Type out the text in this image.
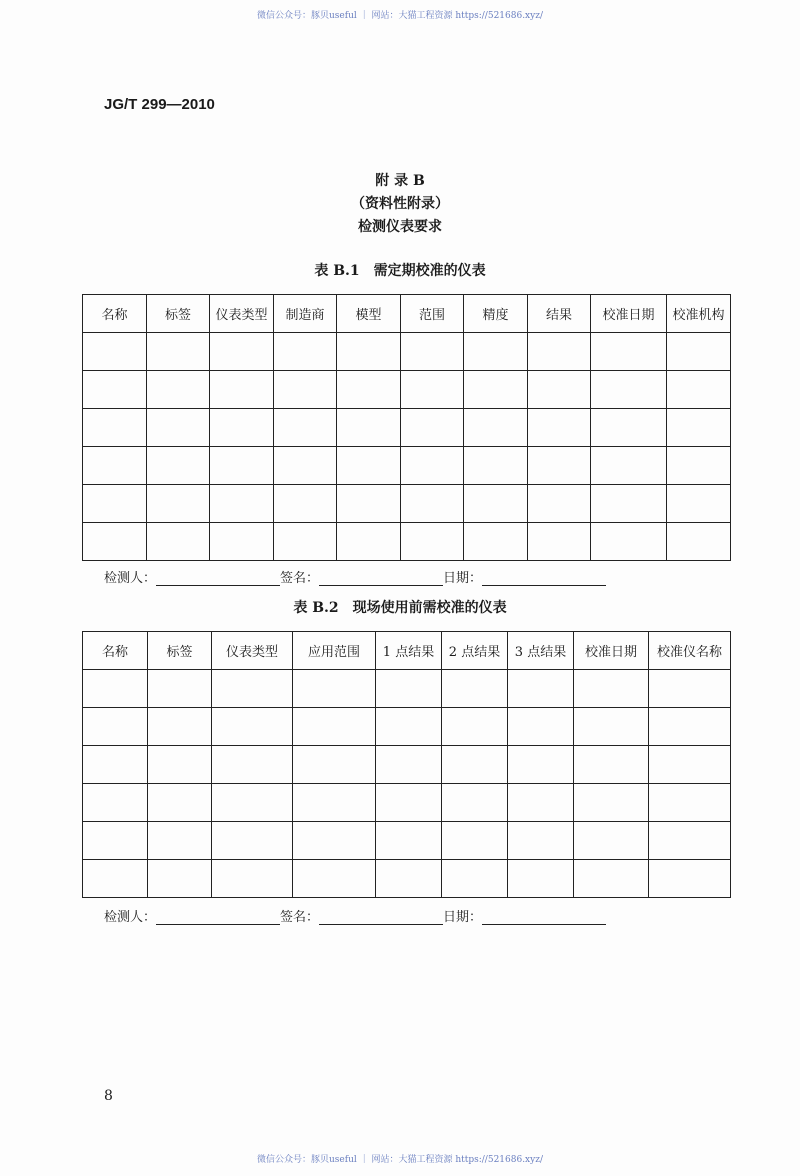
微信公众号：豚贝useful ｜ 网站：大猫工程资源 https://521686.xyz/
JG/T 299—2010
附 录 B
（资料性附录）
检测仪表要求
表 B.1　需定期校准的仪表
名称	标签	仪表类型	制造商	模型	范围	精度	结果	校准日期	校准机构

检测人：	签名：	日期：
表 B.2　现场使用前需校准的仪表
名称	标签	仪表类型	应用范围	1 点结果	2 点结果	3 点结果	校准日期	校准仪名称

检测人：	签名：	日期：
8
微信公众号：豚贝useful ｜ 网站：大猫工程资源 https://521686.xyz/
